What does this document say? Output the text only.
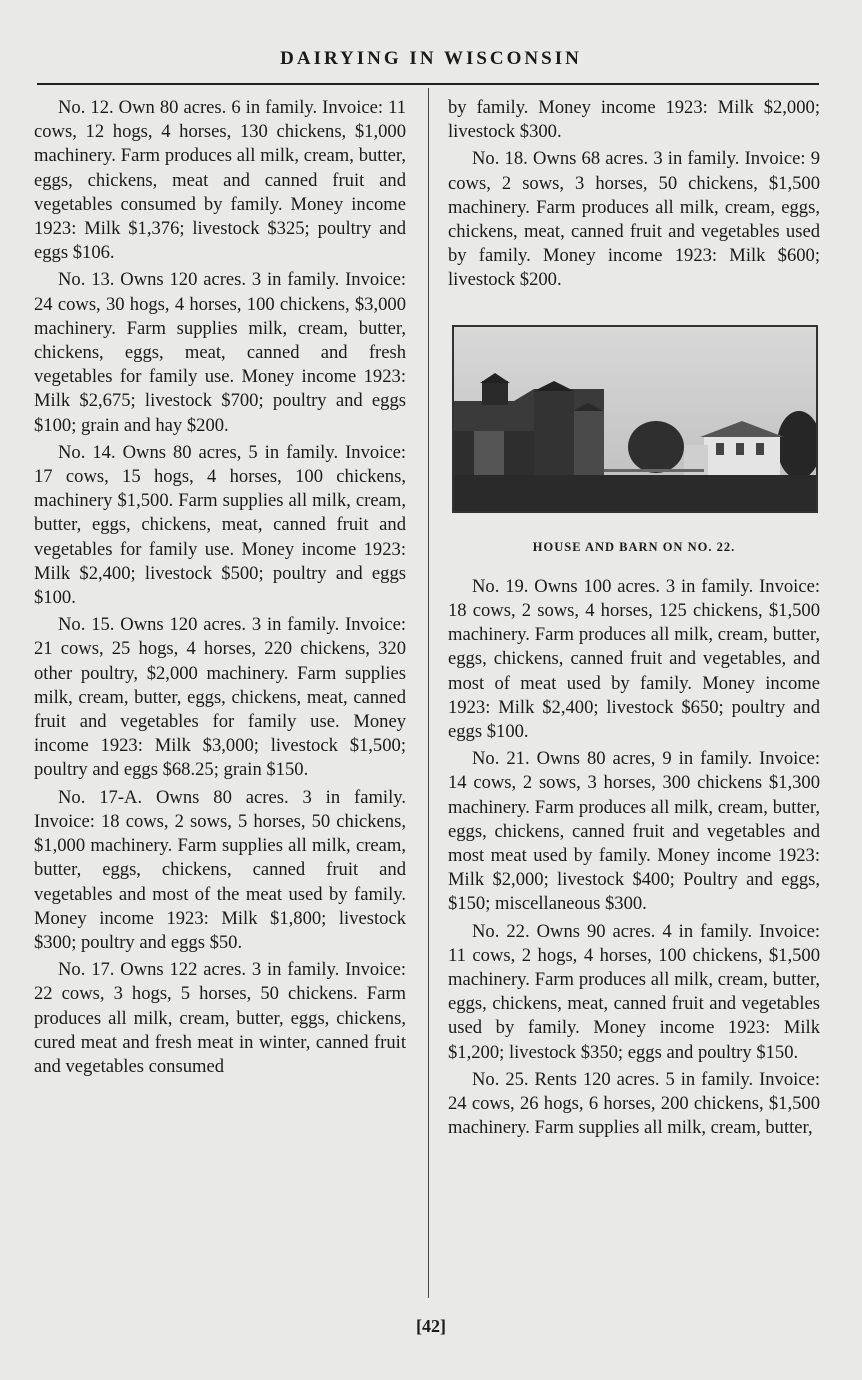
DAIRYING IN WISCONSIN

No. 12. Own 80 acres. 6 in family. Invoice: 11 cows, 12 hogs, 4 horses, 130 chickens, $1,000 machinery. Farm produces all milk, cream, butter, eggs, chickens, meat and canned fruit and vegetables consumed by family. Money income 1923: Milk $1,376; livestock $325; poultry and eggs $106.

No. 13. Owns 120 acres. 3 in family. Invoice: 24 cows, 30 hogs, 4 horses, 100 chickens, $3,000 machinery. Farm supplies milk, cream, butter, chickens, eggs, meat, canned and fresh vegetables for family use. Money income 1923: Milk $2,675; livestock $700; poultry and eggs $100; grain and hay $200.

No. 14. Owns 80 acres, 5 in family. Invoice: 17 cows, 15 hogs, 4 horses, 100 chickens, machinery $1,500. Farm supplies all milk, cream, butter, eggs, chickens, meat, canned fruit and vegetables for family use. Money income 1923: Milk $2,400; livestock $500; poultry and eggs $100.

No. 15. Owns 120 acres. 3 in family. Invoice: 21 cows, 25 hogs, 4 horses, 220 chickens, 320 other poultry, $2,000 machinery. Farm supplies milk, cream, butter, eggs, chickens, meat, canned fruit and vegetables for family use. Money income 1923: Milk $3,000; livestock $1,500; poultry and eggs $68.25; grain $150.

No. 17-A. Owns 80 acres. 3 in family. Invoice: 18 cows, 2 sows, 5 horses, 50 chickens, $1,000 machinery. Farm supplies all milk, cream, butter, eggs, chickens, canned fruit and vegetables and most of the meat used by family. Money income 1923: Milk $1,800; livestock $300; poultry and eggs $50.

No. 17. Owns 122 acres. 3 in family. Invoice: 22 cows, 3 hogs, 5 horses, 50 chickens. Farm produces all milk, cream, butter, eggs, chickens, cured meat and fresh meat in winter, canned fruit and vegetables consumed

by family. Money income 1923: Milk $2,000; livestock $300.

No. 18. Owns 68 acres. 3 in family. Invoice: 9 cows, 2 sows, 3 horses, 50 chickens, $1,500 machinery. Farm produces all milk, cream, eggs, chickens, meat, canned fruit and vegetables used by family. Money income 1923: Milk $600; livestock $200.

HOUSE AND BARN ON NO. 22.

No. 19. Owns 100 acres. 3 in family. Invoice: 18 cows, 2 sows, 4 horses, 125 chickens, $1,500 machinery. Farm produces all milk, cream, butter, eggs, chickens, canned fruit and vegetables, and most of meat used by family. Money income 1923: Milk $2,400; livestock $650; poultry and eggs $100.

No. 21. Owns 80 acres, 9 in family. Invoice: 14 cows, 2 sows, 3 horses, 300 chickens $1,300 machinery. Farm produces all milk, cream, butter, eggs, chickens, canned fruit and vegetables and most meat used by family. Money income 1923: Milk $2,000; livestock $400; Poultry and eggs, $150; miscellaneous $300.

No. 22. Owns 90 acres. 4 in family. Invoice: 11 cows, 2 hogs, 4 horses, 100 chickens, $1,500 machinery. Farm produces all milk, cream, butter, eggs, chickens, meat, canned fruit and vegetables used by family. Money income 1923: Milk $1,200; livestock $350; eggs and poultry $150.

No. 25. Rents 120 acres. 5 in family. Invoice: 24 cows, 26 hogs, 6 horses, 200 chickens, $1,500 machinery. Farm supplies all milk, cream, butter,

[42]
